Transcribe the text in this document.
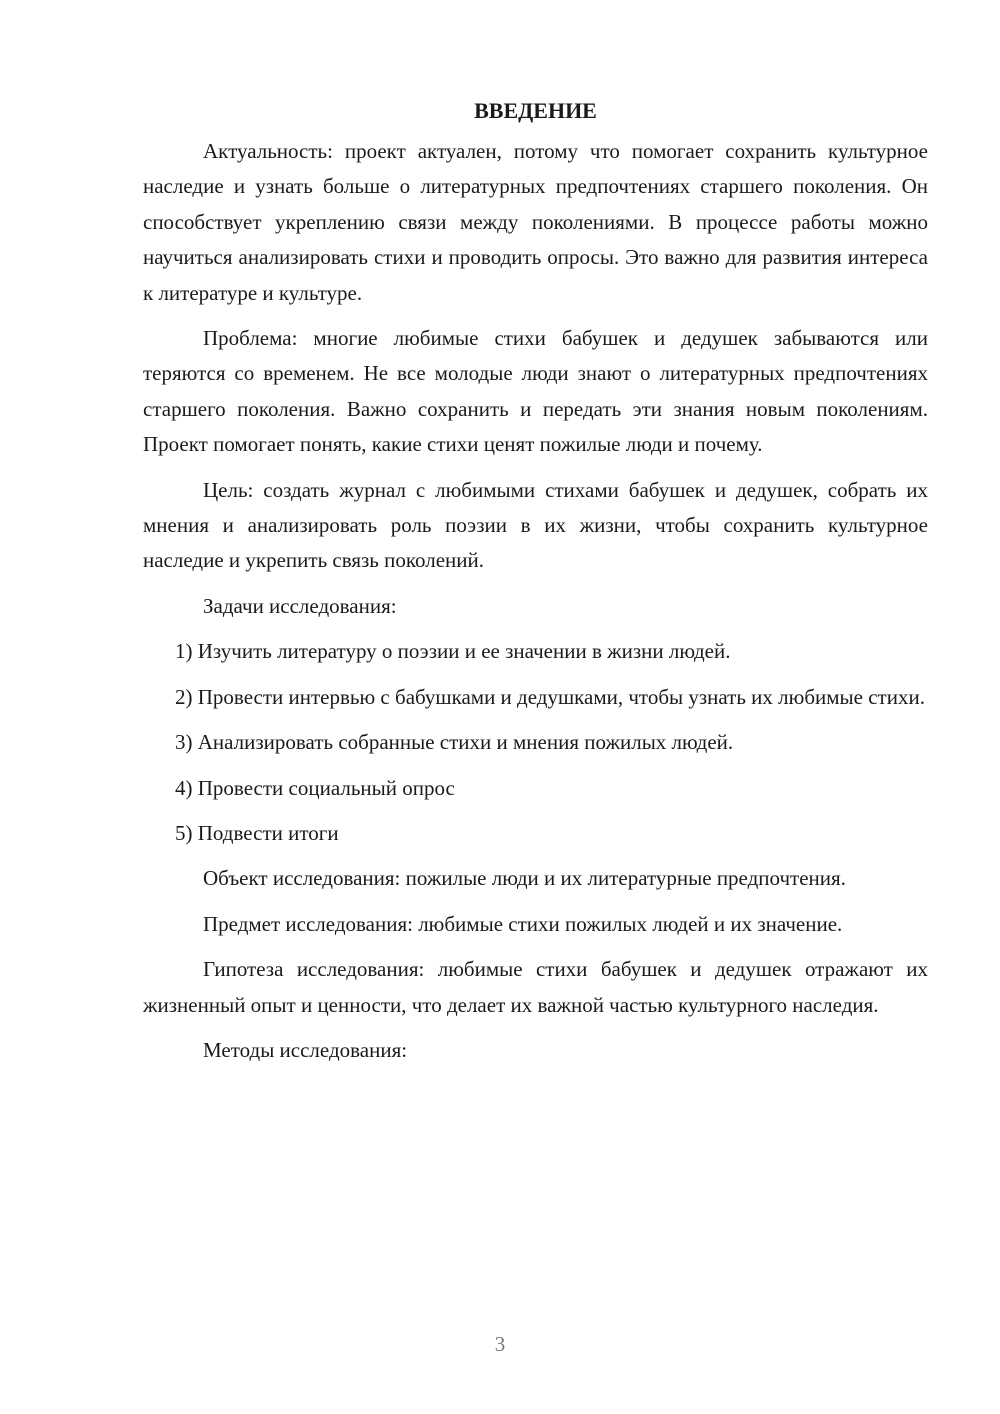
ВВЕДЕНИЕ

Актуальность: проект актуален, потому что помогает сохранить культурное наследие и узнать больше о литературных предпочтениях старшего поколения. Он способствует укреплению связи между поколениями. В процессе работы можно научиться анализировать стихи и проводить опросы. Это важно для развития интереса к литературе и культуре.

Проблема: многие любимые стихи бабушек и дедушек забываются или теряются со временем. Не все молодые люди знают о литературных предпочтениях старшего поколения. Важно сохранить и передать эти знания новым поколениям. Проект помогает понять, какие стихи ценят пожилые люди и почему.

Цель: создать журнал с любимыми стихами бабушек и дедушек, собрать их мнения и анализировать роль поэзии в их жизни, чтобы сохранить культурное наследие и укрепить связь поколений.

Задачи исследования:

1) Изучить литературу о поэзии и ее значении в жизни людей.

2) Провести интервью с бабушками и дедушками, чтобы узнать их любимые стихи.

3) Анализировать собранные стихи и мнения пожилых людей.

4) Провести социальный опрос

5) Подвести итоги

Объект исследования: пожилые люди и их литературные предпочтения.

Предмет исследования: любимые стихи пожилых людей и их значение.

Гипотеза исследования: любимые стихи бабушек и дедушек отражают их жизненный опыт и ценности, что делает их важной частью культурного наследия.

Методы исследования:

3
